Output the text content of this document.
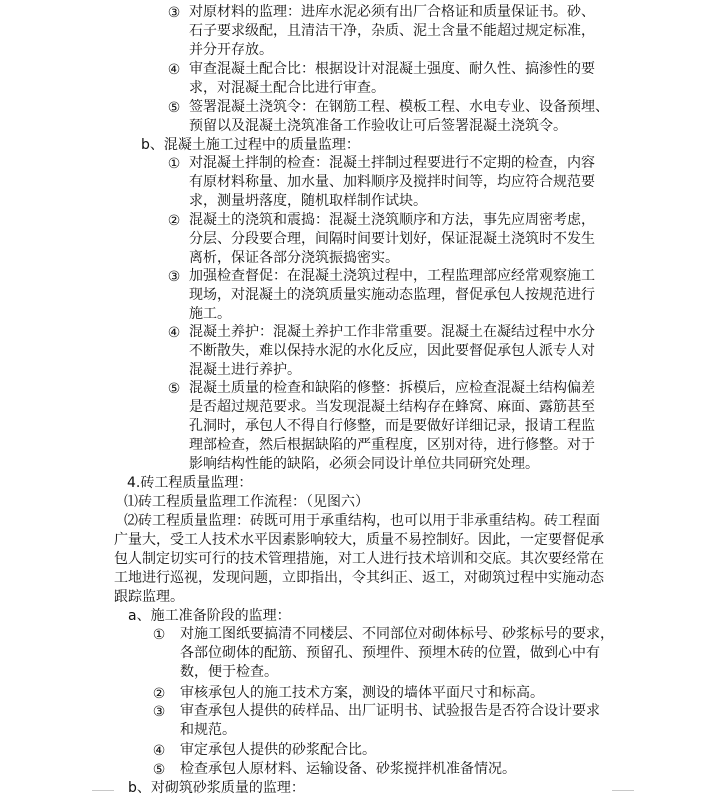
③ 对原材料的监理：进库水泥必须有出厂合格证和质量保证书。砂、
石子要求级配，且清洁干净，杂质、泥土含量不能超过规定标准，
并分开存放。
④ 审查混凝土配合比：根据设计对混凝土强度、耐久性、搞渗性的要
求，对混凝土配合比进行审查。
⑤ 签署混凝土浇筑令：在钢筋工程、模板工程、水电专业、设备预埋、
预留以及混凝土浇筑准备工作验收让可后签署混凝土浇筑令。
b、混凝土施工过程中的质量监理：
① 对混凝土拌制的检查：混凝土拌制过程要进行不定期的检查，内容
有原材料称量、加水量、加料顺序及搅拌时间等，均应符合规范要
求，测量坍落度，随机取样制作试块。
② 混凝土的浇筑和震捣：混凝土浇筑顺序和方法，事先应周密考虑，
分层、分段要合理，间隔时间要计划好，保证混凝土浇筑时不发生
离析，保证各部分浇筑振捣密实。
③ 加强检查督促：在混凝土浇筑过程中，工程监理部应经常观察施工
现场，对混凝土的浇筑质量实施动态监理，督促承包人按规范进行
施工。
④ 混凝土养护：混凝土养护工作非常重要。混凝土在凝结过程中水分
不断散失，难以保持水泥的水化反应，因此要督促承包人派专人对
混凝土进行养护。
⑤ 混凝土质量的检查和缺陷的修整：拆模后，应检查混凝土结构偏差
是否超过规范要求。当发现混凝土结构存在蜂窝、麻面、露筋甚至
孔洞时，承包人不得自行修整，而是要做好详细记录，报请工程监
理部检查，然后根据缺陷的严重程度，区别对待，进行修整。对于
影响结构性能的缺陷，必须会同设计单位共同研究处理。
4.砖工程质量监理：
⑴砖工程质量监理工作流程：（见图六）
⑵砖工程质量监理：砖既可用于承重结构，也可以用于非承重结构。砖工程面
广量大，受工人技术水平因素影响较大，质量不易控制好。因此，一定要督促承
包人制定切实可行的技术管理措施，对工人进行技术培训和交底。其次要经常在
工地进行巡视，发现问题，立即指出，令其纠正、返工，对砌筑过程中实施动态
跟踪监理。
a、施工准备阶段的监理：
① 对施工图纸要搞清不同楼层、不同部位对砌体标号、砂浆标号的要求，
各部位砌体的配筋、预留孔、预埋件、预埋木砖的位置，做到心中有
数，便于检查。
② 审核承包人的施工技术方案，测设的墙体平面尺寸和标高。
③ 审查承包人提供的砖样品、出厂证明书、试验报告是否符合设计要求
和规范。
④ 审定承包人提供的砂浆配合比。
⑤ 检查承包人原材料、运输设备、砂浆搅拌机准备情况。
b、对砌筑砂浆质量的监理：
